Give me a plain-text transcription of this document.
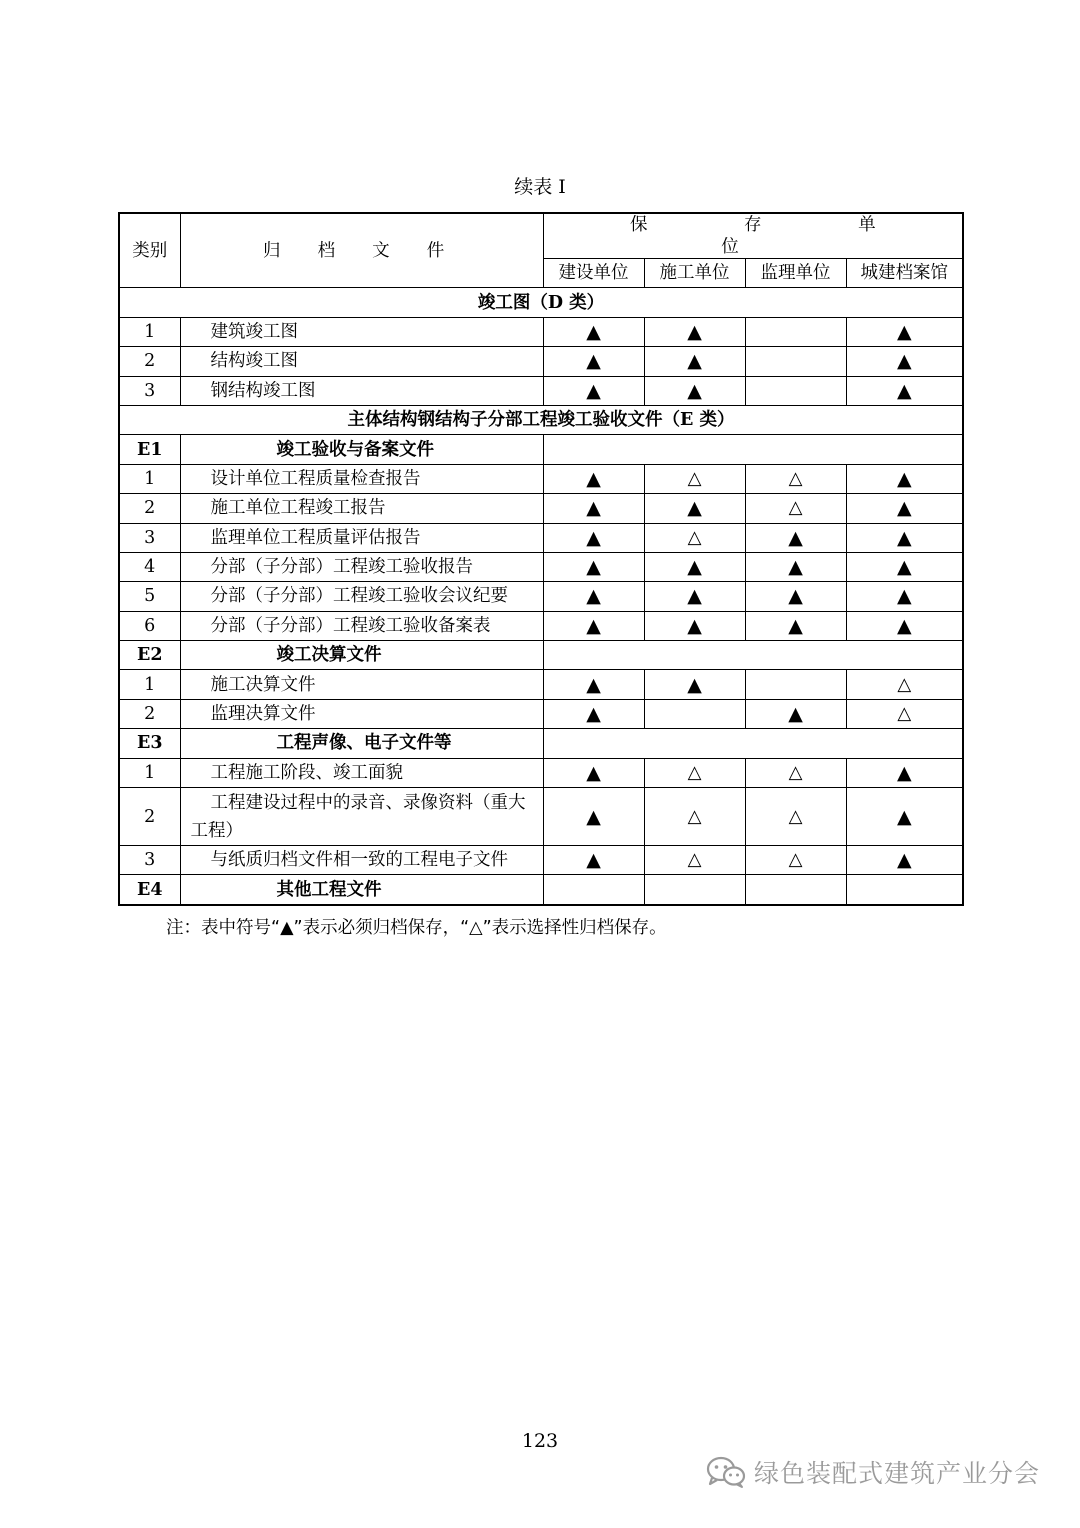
续表 I
类别	归 档 文 件	保 存 单 位			
		建设单位	施工单位	监理单位	城建档案馆
竣工图（D 类）					
1	建筑竣工图	▲	▲		▲
2	结构竣工图	▲	▲		▲
3	钢结构竣工图	▲	▲		▲
主体结构钢结构子分部工程竣工验收文件（E 类）					
E1	竣工验收与备案文件				
1	设计单位工程质量检查报告	▲	△	△	▲
2	施工单位工程竣工报告	▲	▲	△	▲
3	监理单位工程质量评估报告	▲	△	▲	▲
4	分部（子分部）工程竣工验收报告	▲	▲	▲	▲
5	分部（子分部）工程竣工验收会议纪要	▲	▲	▲	▲
6	分部（子分部）工程竣工验收备案表	▲	▲	▲	▲
E2	竣工决算文件				
1	施工决算文件	▲	▲		△
2	监理决算文件	▲		▲	△
E3	工程声像、电子文件等				
1	工程施工阶段、竣工面貌	▲	△	△	▲
2	工程建设过程中的录音、录像资料（重大工程）	▲	△	△	▲
3	与纸质归档文件相一致的工程电子文件	▲	△	△	▲
E4	其他工程文件				
注：表中符号“▲”表示必须归档保存，“△”表示选择性归档保存。
123
绿色装配式建筑产业分会
